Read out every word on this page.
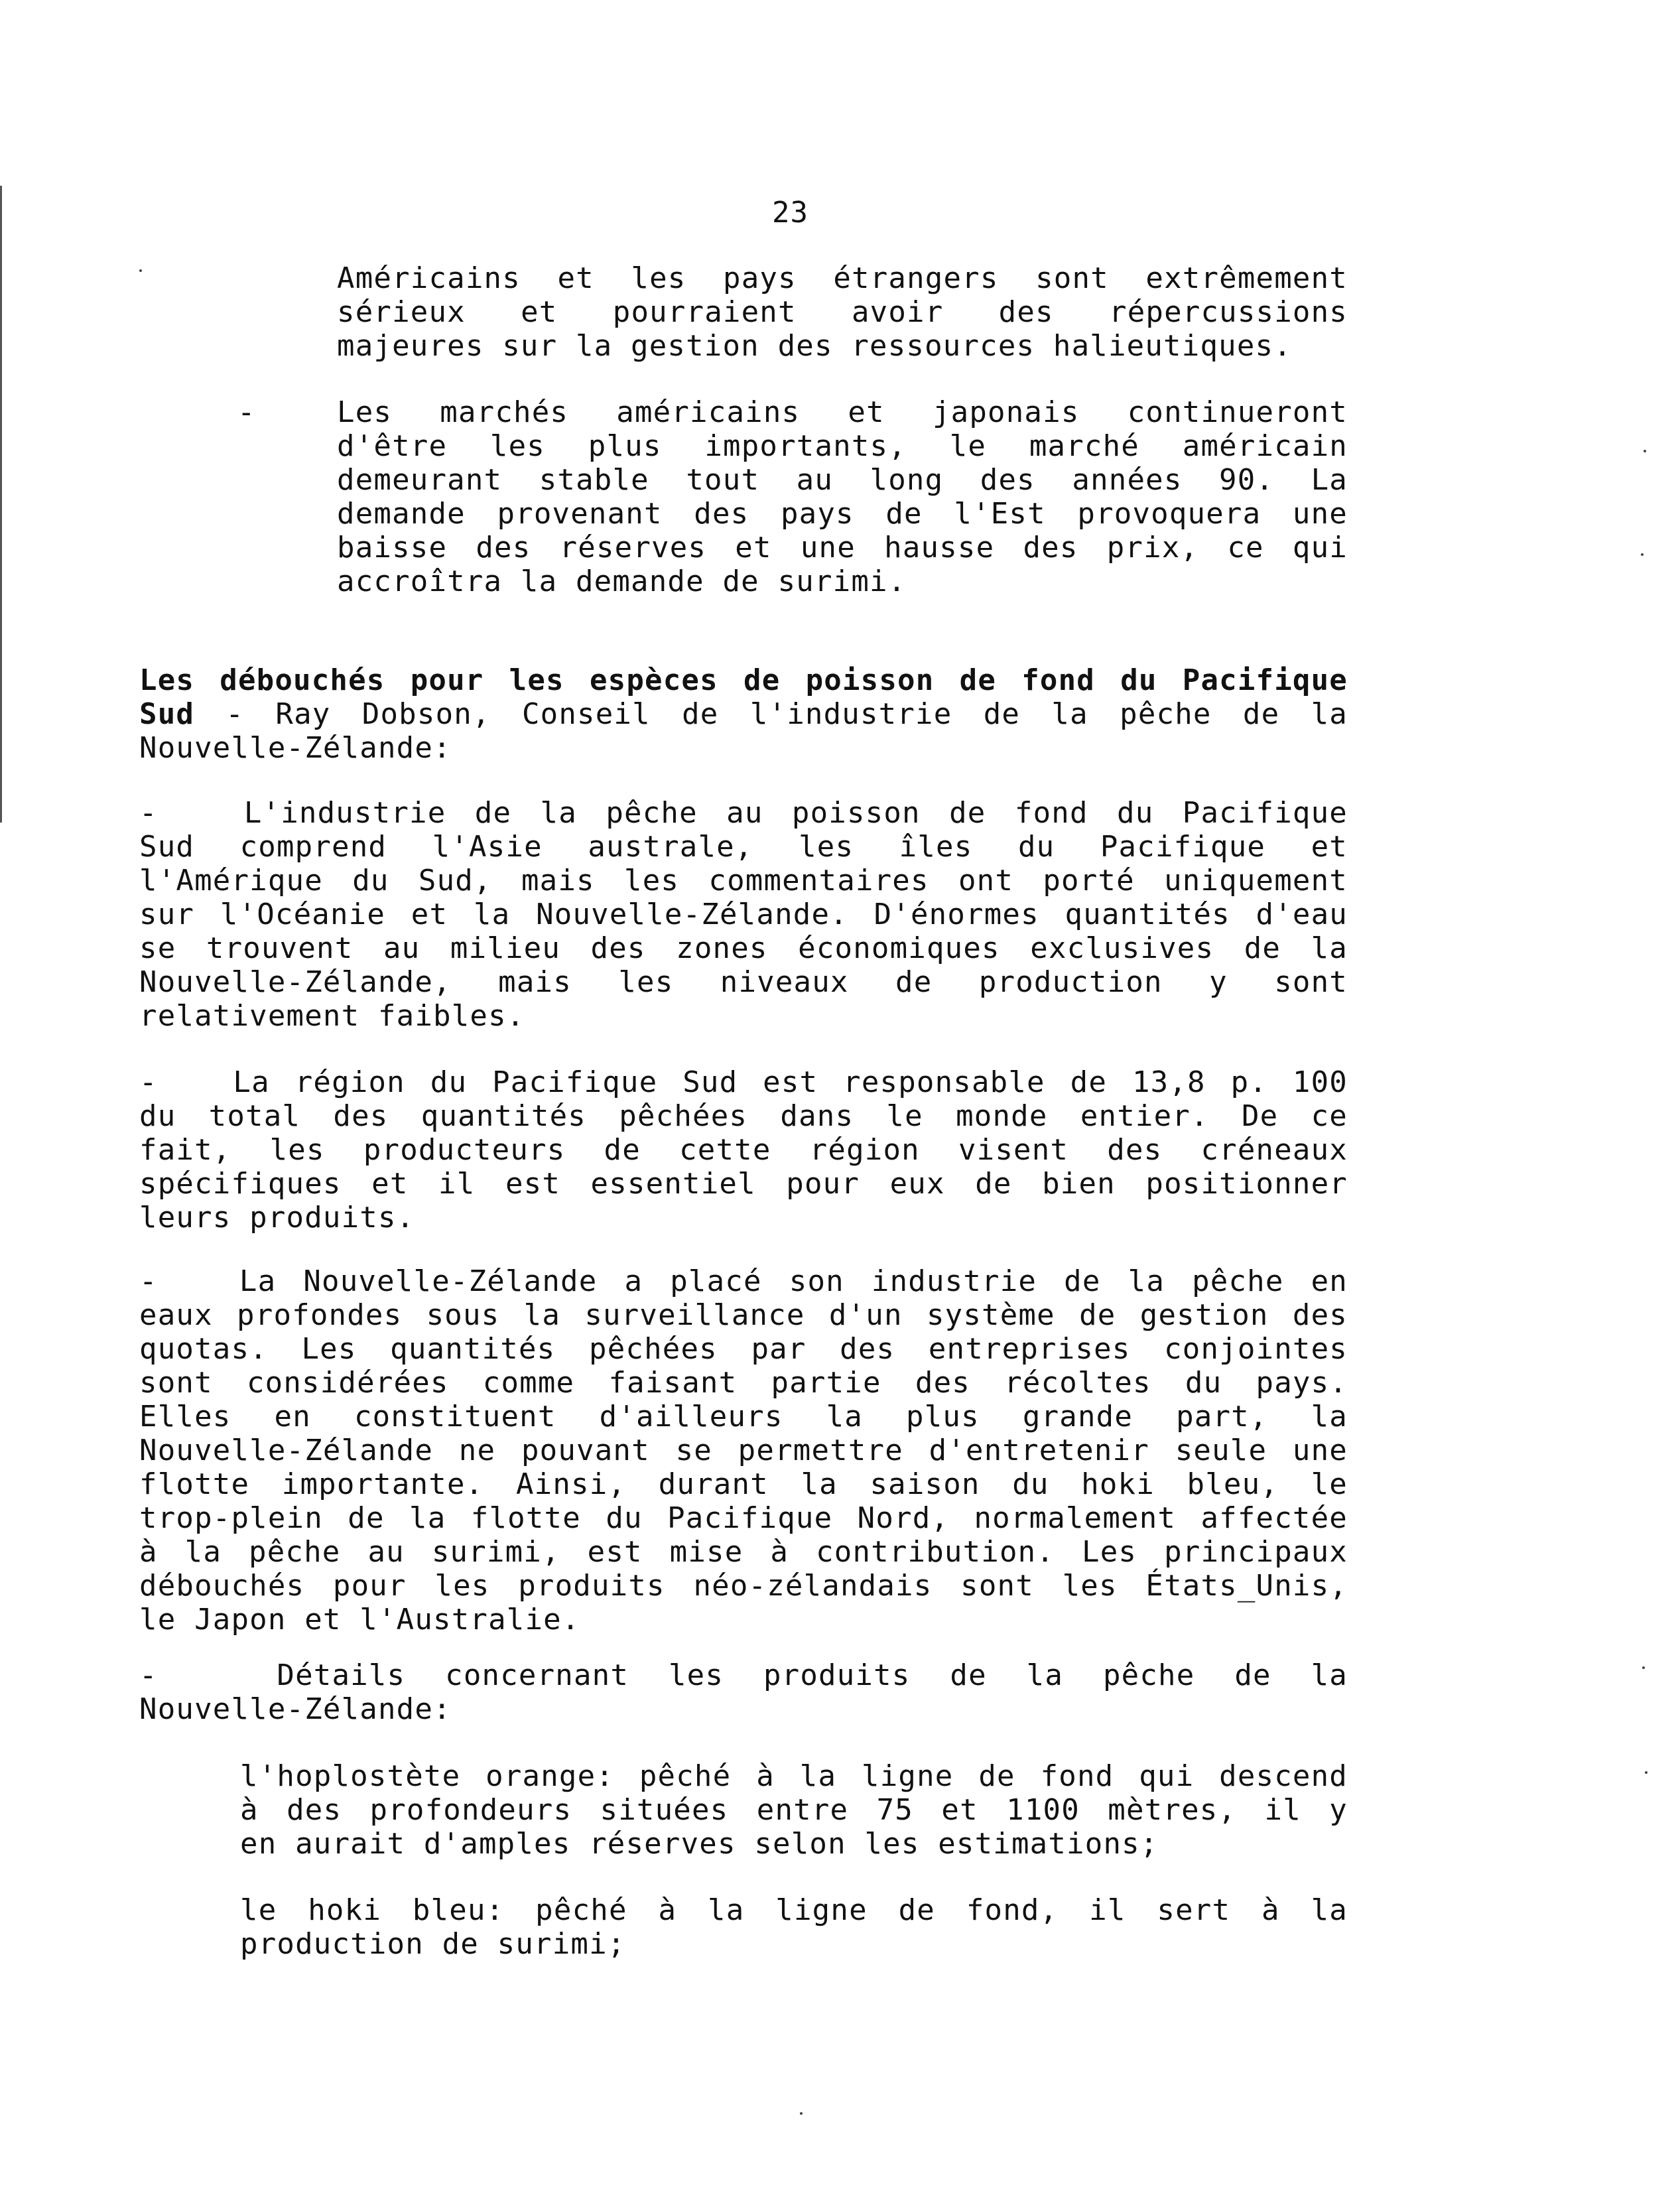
23
Américains et les pays étrangers sont extrêmement
sérieux et pourraient avoir des répercussions
majeures sur la gestion des ressources halieutiques.
-	Les marchés américains et japonais continueront
d'être les plus importants, le marché américain
demeurant stable tout au long des années 90. La
demande provenant des pays de l'Est provoquera une
baisse des réserves et une hausse des prix, ce qui
accroîtra la demande de surimi.
Les débouchés pour les espèces de poisson de fond du Pacifique
Sud - Ray Dobson, Conseil de l'industrie de la pêche de la
Nouvelle-Zélande:
-   L'industrie de la pêche au poisson de fond du Pacifique
Sud comprend l'Asie australe, les îles du Pacifique et
l'Amérique du Sud, mais les commentaires ont porté uniquement
sur l'Océanie et la Nouvelle-Zélande. D'énormes quantités d'eau
se trouvent au milieu des zones économiques exclusives de la
Nouvelle-Zélande, mais les niveaux de production y sont
relativement faibles.
-   La région du Pacifique Sud est responsable de 13,8 p. 100
du total des quantités pêchées dans le monde entier. De ce
fait, les producteurs de cette région visent des créneaux
spécifiques et il est essentiel pour eux de bien positionner
leurs produits.
-   La Nouvelle-Zélande a placé son industrie de la pêche en
eaux profondes sous la surveillance d'un système de gestion des
quotas. Les quantités pêchées par des entreprises conjointes
sont considérées comme faisant partie des récoltes du pays.
Elles en constituent d'ailleurs la plus grande part, la
Nouvelle-Zélande ne pouvant se permettre d'entretenir seule une
flotte importante. Ainsi, durant la saison du hoki bleu, le
trop-plein de la flotte du Pacifique Nord, normalement affectée
à la pêche au surimi, est mise à contribution. Les principaux
débouchés pour les produits néo-zélandais sont les États_Unis,
le Japon et l'Australie.
-   Détails concernant les produits de la pêche de la
Nouvelle-Zélande:
l'hoplostète orange: pêché à la ligne de fond qui descend
à des profondeurs situées entre 75 et 1100 mètres, il y
en aurait d'amples réserves selon les estimations;
le hoki bleu: pêché à la ligne de fond, il sert à la
production de surimi;
